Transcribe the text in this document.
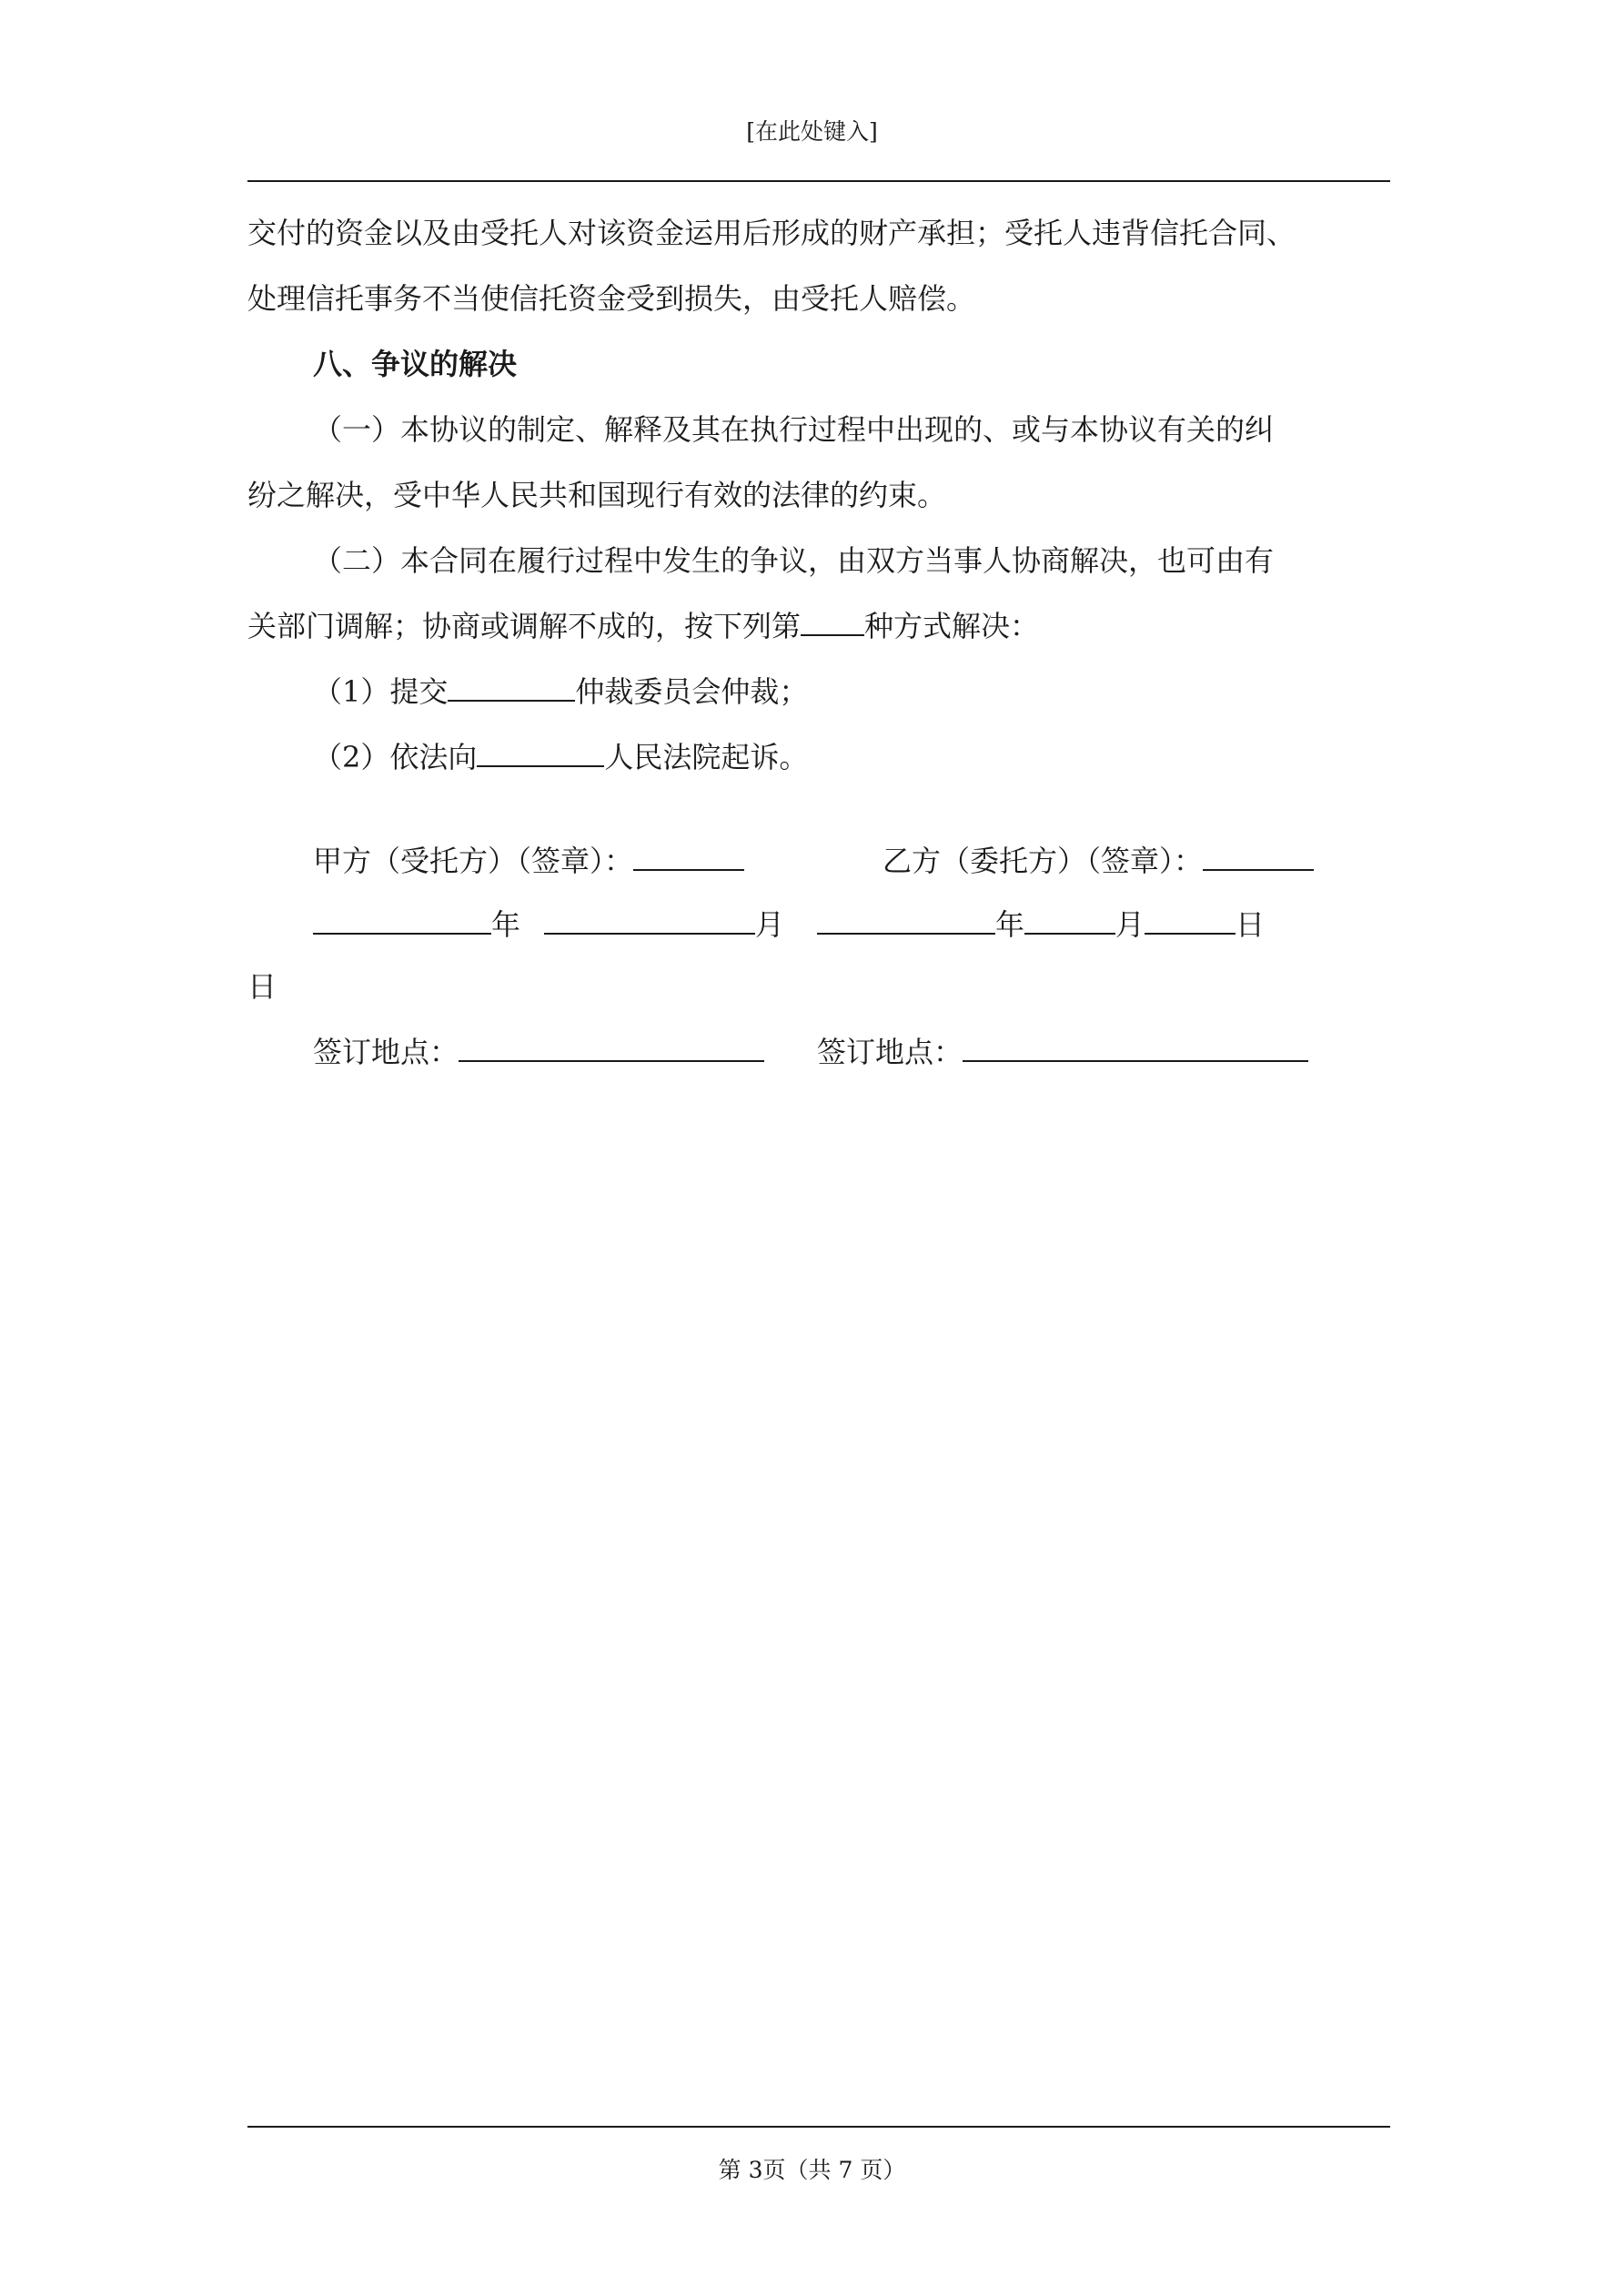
[在此处键入]
交付的资金以及由受托人对该资金运用后形成的财产承担；受托人违背信托合同、
处理信托事务不当使信托资金受到损失，由受托人赔偿。
八、争议的解决
（一）本协议的制定、解释及其在执行过程中出现的、或与本协议有关的纠
纷之解决，受中华人民共和国现行有效的法律的约束。
（二）本合同在履行过程中发生的争议，由双方当事人协商解决，也可由有
关部门调解；协商或调解不成的，按下列第 种方式解决：
（1）提交	仲裁委员会仲裁；
（2）依法向	人民法院起诉。
甲方（受托方）（签章）：	乙方（委托方）（签章）：
年	月	年	月	日
日
签订地点：	签订地点：
第 3页（共 7 页）
